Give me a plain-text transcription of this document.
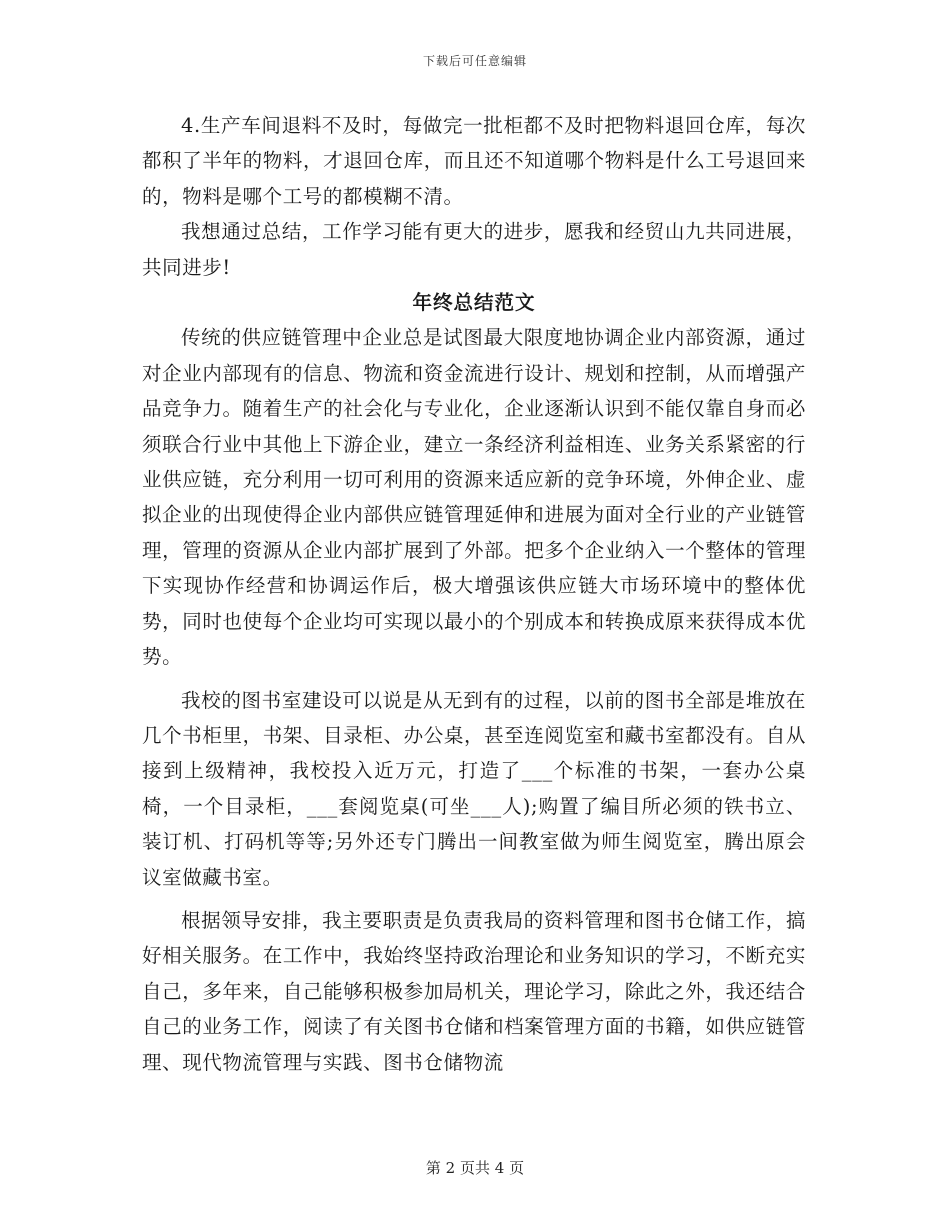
下载后可任意编辑

4.生产车间退料不及时，每做完一批柜都不及时把物料退回仓库，每次都积了半年的物料，才退回仓库，而且还不知道哪个物料是什么工号退回来的，物料是哪个工号的都模糊不清。

我想通过总结，工作学习能有更大的进步，愿我和经贸山九共同进展，共同进步!

年终总结范文

传统的供应链管理中企业总是试图最大限度地协调企业内部资源，通过对企业内部现有的信息、物流和资金流进行设计、规划和控制，从而增强产品竞争力。随着生产的社会化与专业化，企业逐渐认识到不能仅靠自身而必须联合行业中其他上下游企业，建立一条经济利益相连、业务关系紧密的行业供应链，充分利用一切可利用的资源来适应新的竞争环境，外伸企业、虚拟企业的出现使得企业内部供应链管理延伸和进展为面对全行业的产业链管理，管理的资源从企业内部扩展到了外部。把多个企业纳入一个整体的管理下实现协作经营和协调运作后，极大增强该供应链大市场环境中的整体优势，同时也使每个企业均可实现以最小的个别成本和转换成原来获得成本优势。

我校的图书室建设可以说是从无到有的过程，以前的图书全部是堆放在几个书柜里，书架、目录柜、办公桌，甚至连阅览室和藏书室都没有。自从接到上级精神，我校投入近万元，打造了___个标准的书架，一套办公桌椅，一个目录柜，___套阅览桌(可坐___人);购置了编目所必须的铁书立、装订机、打码机等等;另外还专门腾出一间教室做为师生阅览室，腾出原会议室做藏书室。

根据领导安排，我主要职责是负责我局的资料管理和图书仓储工作，搞好相关服务。在工作中，我始终坚持政治理论和业务知识的学习，不断充实自己，多年来，自己能够积极参加局机关，理论学习，除此之外，我还结合自己的业务工作，阅读了有关图书仓储和档案管理方面的书籍，如供应链管理、现代物流管理与实践、图书仓储物流

第 2 页共 4 页
